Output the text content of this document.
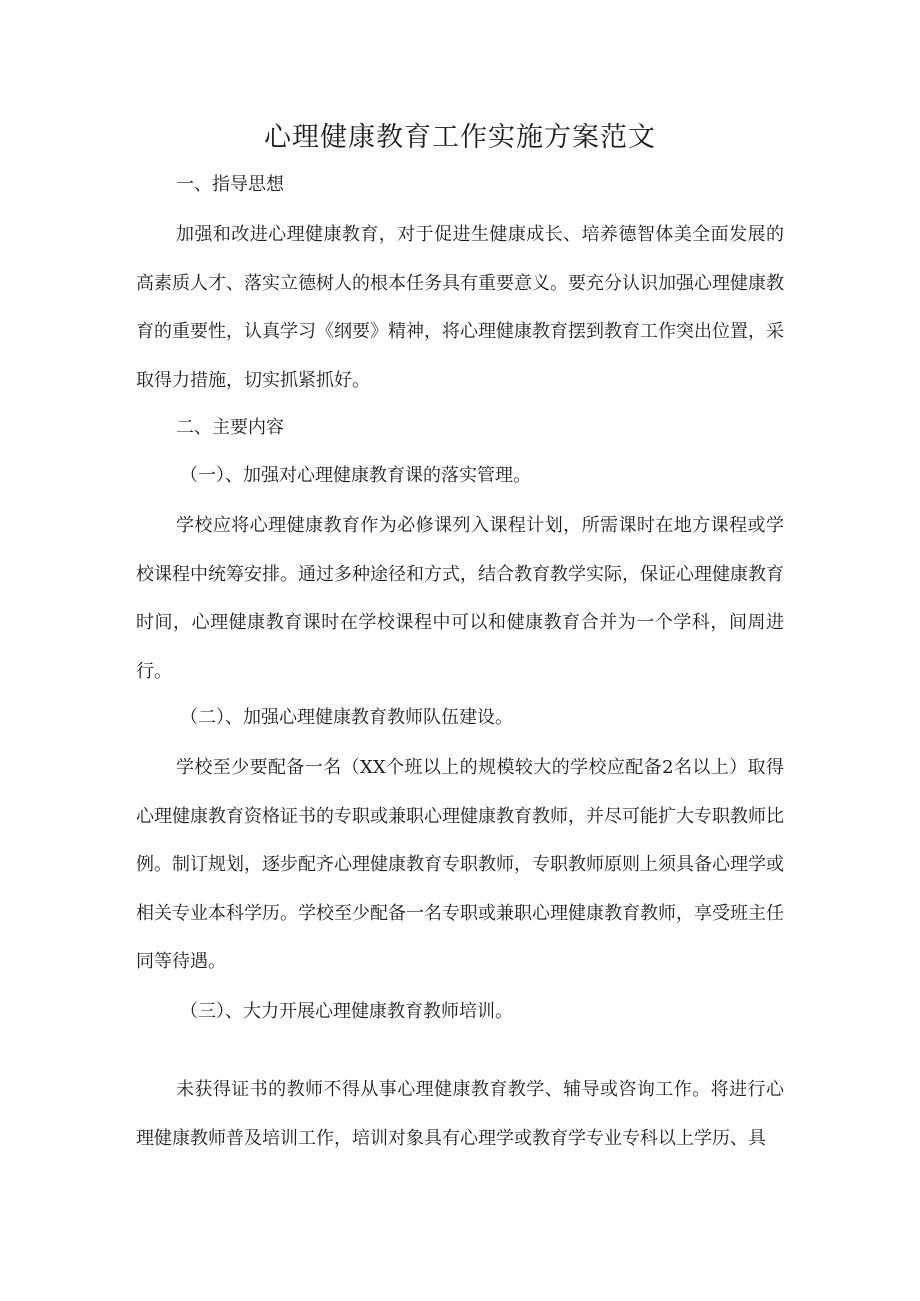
心理健康教育工作实施方案范文
一、指导思想

加强和改进心理健康教育，对于促进生健康成长、培养德智体美全面发展的高素质人才、落实立德树人的根本任务具有重要意义。要充分认识加强心理健康教育的重要性，认真学习《纲要》精神，将心理健康教育摆到教育工作突出位置，采取得力措施，切实抓紧抓好。

二、主要内容
（一）、加强对心理健康教育课的落实管理。

学校应将心理健康教育作为必修课列入课程计划，所需课时在地方课程或学校课程中统筹安排。通过多种途径和方式，结合教育教学实际，保证心理健康教育时间，心理健康教育课时在学校课程中可以和健康教育合并为一个学科，间周进行。

（二）、加强心理健康教育教师队伍建设。

学校至少要配备一名（XX个班以上的规模较大的学校应配备2名以上）取得心理健康教育资格证书的专职或兼职心理健康教育教师，并尽可能扩大专职教师比例。制订规划，逐步配齐心理健康教育专职教师，专职教师原则上须具备心理学或相关专业本科学历。学校至少配备一名专职或兼职心理健康教育教师，享受班主任同等待遇。

（三）、大力开展心理健康教育教师培训。

未获得证书的教师不得从事心理健康教育教学、辅导或咨询工作。将进行心理健康教师普及培训工作，培训对象具有心理学或教育学专业专科以上学历、具
